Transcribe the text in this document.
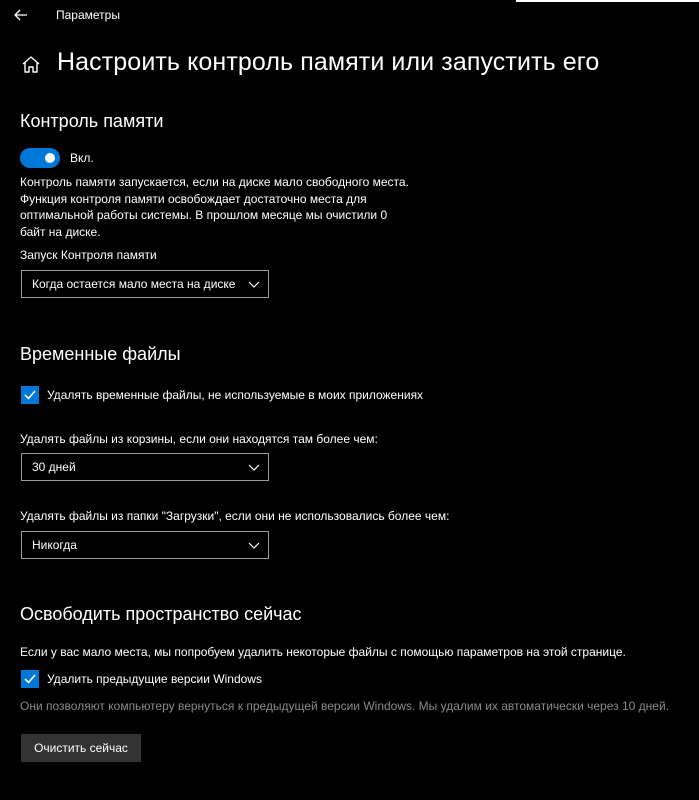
Параметры
Настроить контроль памяти или запустить его
Контроль памяти
Вкл.
Контроль памяти запускается, если на диске мало свободного места.
Функция контроля памяти освобождает достаточно места для
оптимальной работы системы. В прошлом месяце мы очистили 0
байт на диске.
Запуск Контроля памяти
Когда остается мало места на диске
Временные файлы
Удалять временные файлы, не используемые в моих приложениях
Удалять файлы из корзины, если они находятся там более чем:
30 дней
Удалять файлы из папки "Загрузки", если они не использовались более чем:
Никогда
Освободить пространство сейчас
Если у вас мало места, мы попробуем удалить некоторые файлы с помощью параметров на этой странице.
Удалить предыдущие версии Windows
Они позволяют компьютеру вернуться к предыдущей версии Windows. Мы удалим их автоматически через 10 дней.
Очистить сейчас
